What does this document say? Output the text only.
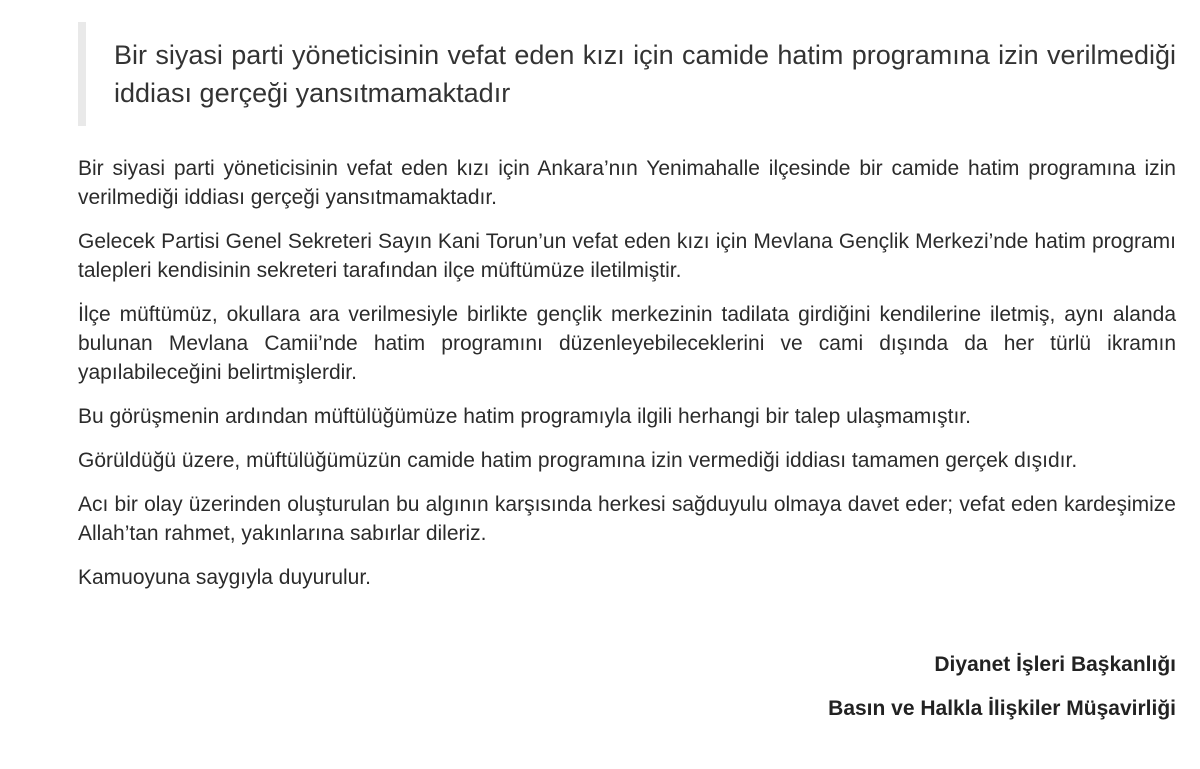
Bir siyasi parti yöneticisinin vefat eden kızı için camide hatim programına izin verilmediği iddiası gerçeği yansıtmamaktadır

Bir siyasi parti yöneticisinin vefat eden kızı için Ankara’nın Yenimahalle ilçesinde bir camide hatim programına izin verilmediği iddiası gerçeği yansıtmamaktadır.

Gelecek Partisi Genel Sekreteri Sayın Kani Torun’un vefat eden kızı için Mevlana Gençlik Merkezi’nde hatim programı talepleri kendisinin sekreteri tarafından ilçe müftümüze iletilmiştir.

İlçe müftümüz, okullara ara verilmesiyle birlikte gençlik merkezinin tadilata girdiğini kendilerine iletmiş, aynı alanda bulunan Mevlana Camii’nde hatim programını düzenleyebileceklerini ve cami dışında da her türlü ikramın yapılabileceğini belirtmişlerdir.

Bu görüşmenin ardından müftülüğümüze hatim programıyla ilgili herhangi bir talep ulaşmamıştır.

Görüldüğü üzere, müftülüğümüzün camide hatim programına izin vermediği iddiası tamamen gerçek dışıdır.

Acı bir olay üzerinden oluşturulan bu algının karşısında herkesi sağduyulu olmaya davet eder; vefat eden kardeşimize Allah’tan rahmet, yakınlarına sabırlar dileriz.

Kamuoyuna saygıyla duyurulur.

Diyanet İşleri Başkanlığı

Basın ve Halkla İlişkiler Müşavirliği
